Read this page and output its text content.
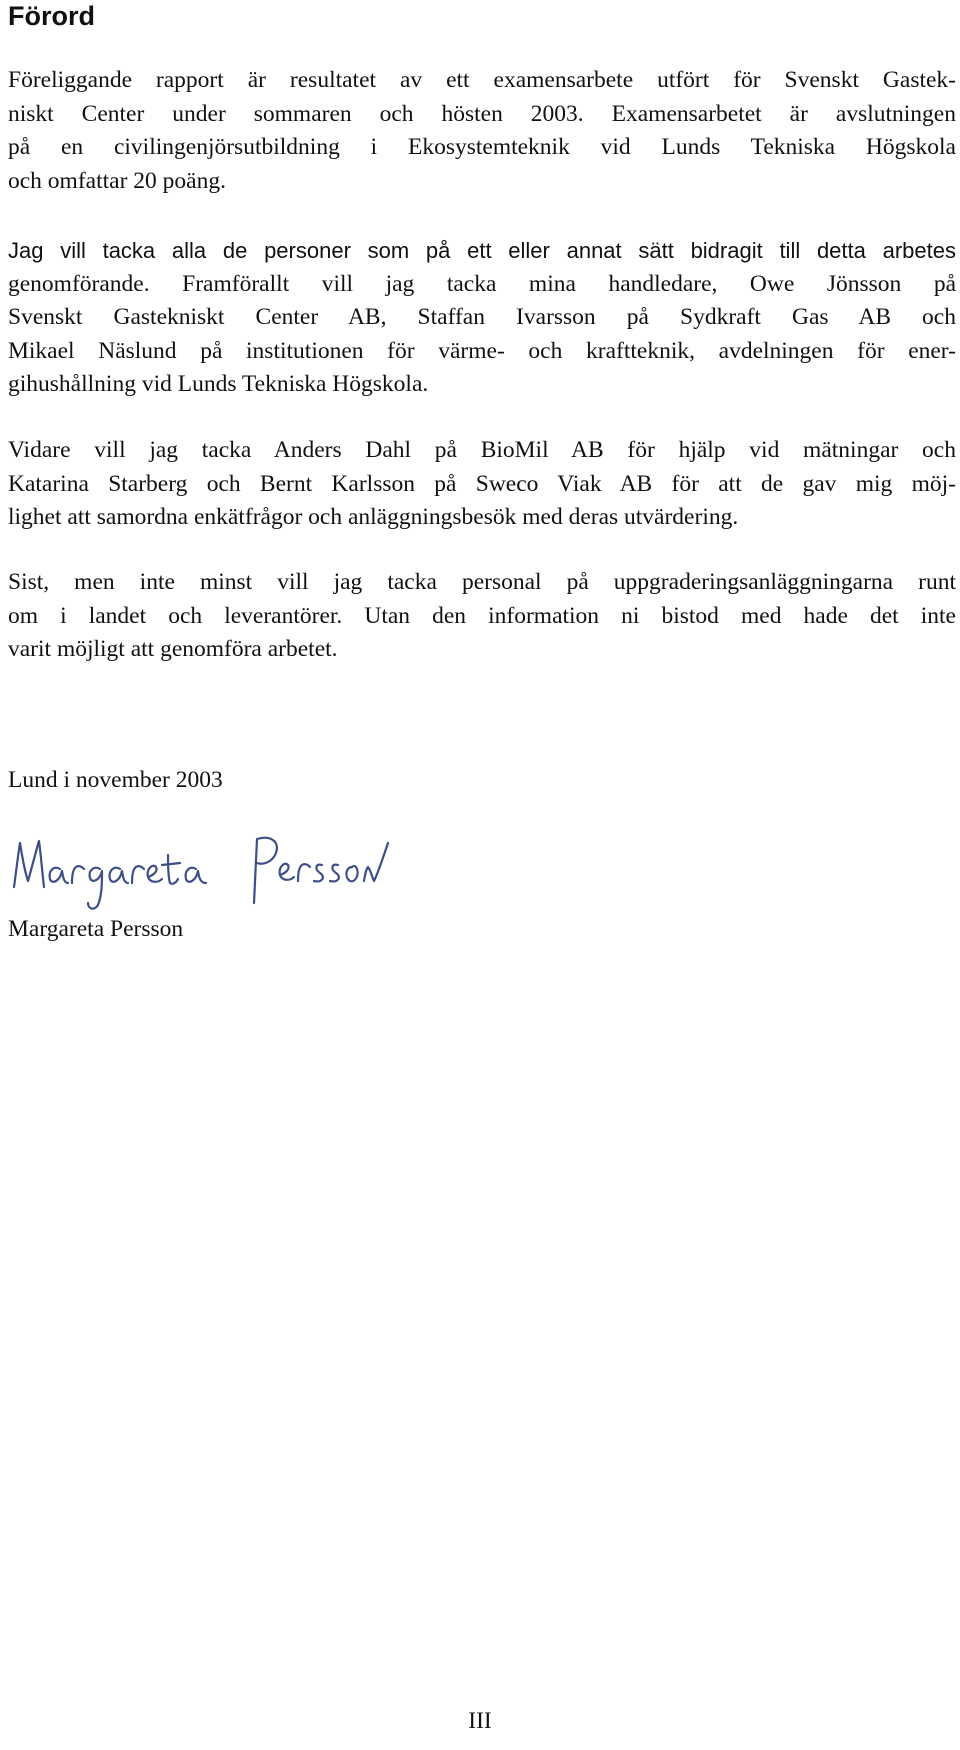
Förord

Föreliggande rapport är resultatet av ett examensarbete utfört för Svenskt Gastek-
niskt Center under sommaren och hösten 2003. Examensarbetet är avslutningen
på en civilingenjörsutbildning i Ekosystemteknik vid Lunds Tekniska Högskola
och omfattar 20 poäng.

Jag vill tacka alla de personer som på ett eller annat sätt bidragit till detta arbetes
genomförande. Framförallt vill jag tacka mina handledare, Owe Jönsson på
Svenskt Gastekniskt Center AB, Staffan Ivarsson på Sydkraft Gas AB och
Mikael Näslund på institutionen för värme- och kraftteknik, avdelningen för ener-
gihushållning vid Lunds Tekniska Högskola.

Vidare vill jag tacka Anders Dahl på BioMil AB för hjälp vid mätningar och
Katarina Starberg och Bernt Karlsson på Sweco Viak AB för att de gav mig möj-
lighet att samordna enkätfrågor och anläggningsbesök med deras utvärdering.

Sist, men inte minst vill jag tacka personal på uppgraderingsanläggningarna runt
om i landet och leverantörer. Utan den information ni bistod med hade det inte
varit möjligt att genomföra arbetet.

Lund i november 2003

Margareta Persson

III
